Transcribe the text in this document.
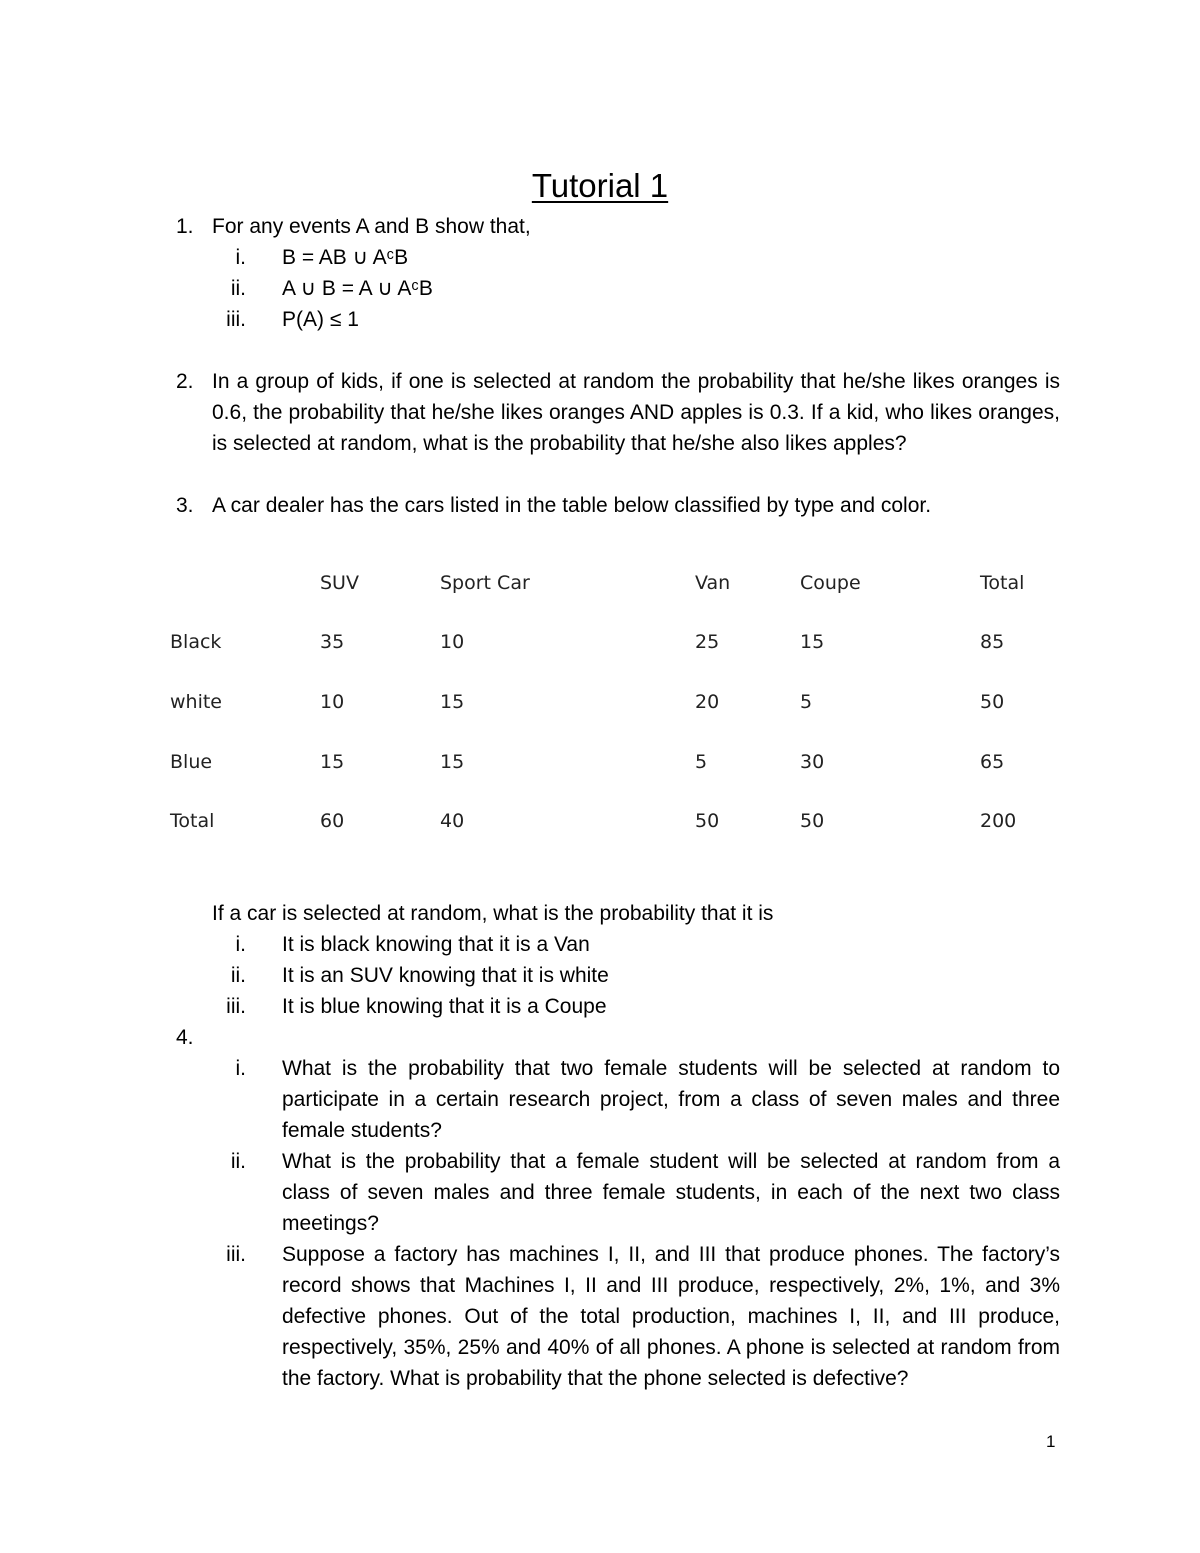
Tutorial 1
1. For any events A and B show that,
i. B = AB ∪ AᶜB
ii. A ∪ B = A ∪ AᶜB
iii. P(A) ≤ 1
2. In a group of kids, if one is selected at random the probability that he/she likes oranges is
0.6, the probability that he/she likes oranges AND apples is 0.3. If a kid, who likes oranges,
is selected at random, what is the probability that he/she also likes apples?
3. A car dealer has the cars listed in the table below classified by type and color.
	SUV	Sport Car	Van	Coupe	Total
Black	35	10	25	15	85
white	10	15	20	5	50
Blue	15	15	5	30	65
Total	60	40	50	50	200
If a car is selected at random, what is the probability that it is
i. It is black knowing that it is a Van
ii. It is an SUV knowing that it is white
iii. It is blue knowing that it is a Coupe
4.
i. What is the probability that two female students will be selected at random to
participate in a certain research project, from a class of seven males and three
female students?
ii. What is the probability that a female student will be selected at random from a
class of seven males and three female students, in each of the next two class
meetings?
iii. Suppose a factory has machines I, II, and III that produce phones. The factory’s
record shows that Machines I, II and III produce, respectively, 2%, 1%, and 3%
defective phones. Out of the total production, machines I, II, and III produce,
respectively, 35%, 25% and 40% of all phones. A phone is selected at random from
the factory. What is probability that the phone selected is defective?
1
